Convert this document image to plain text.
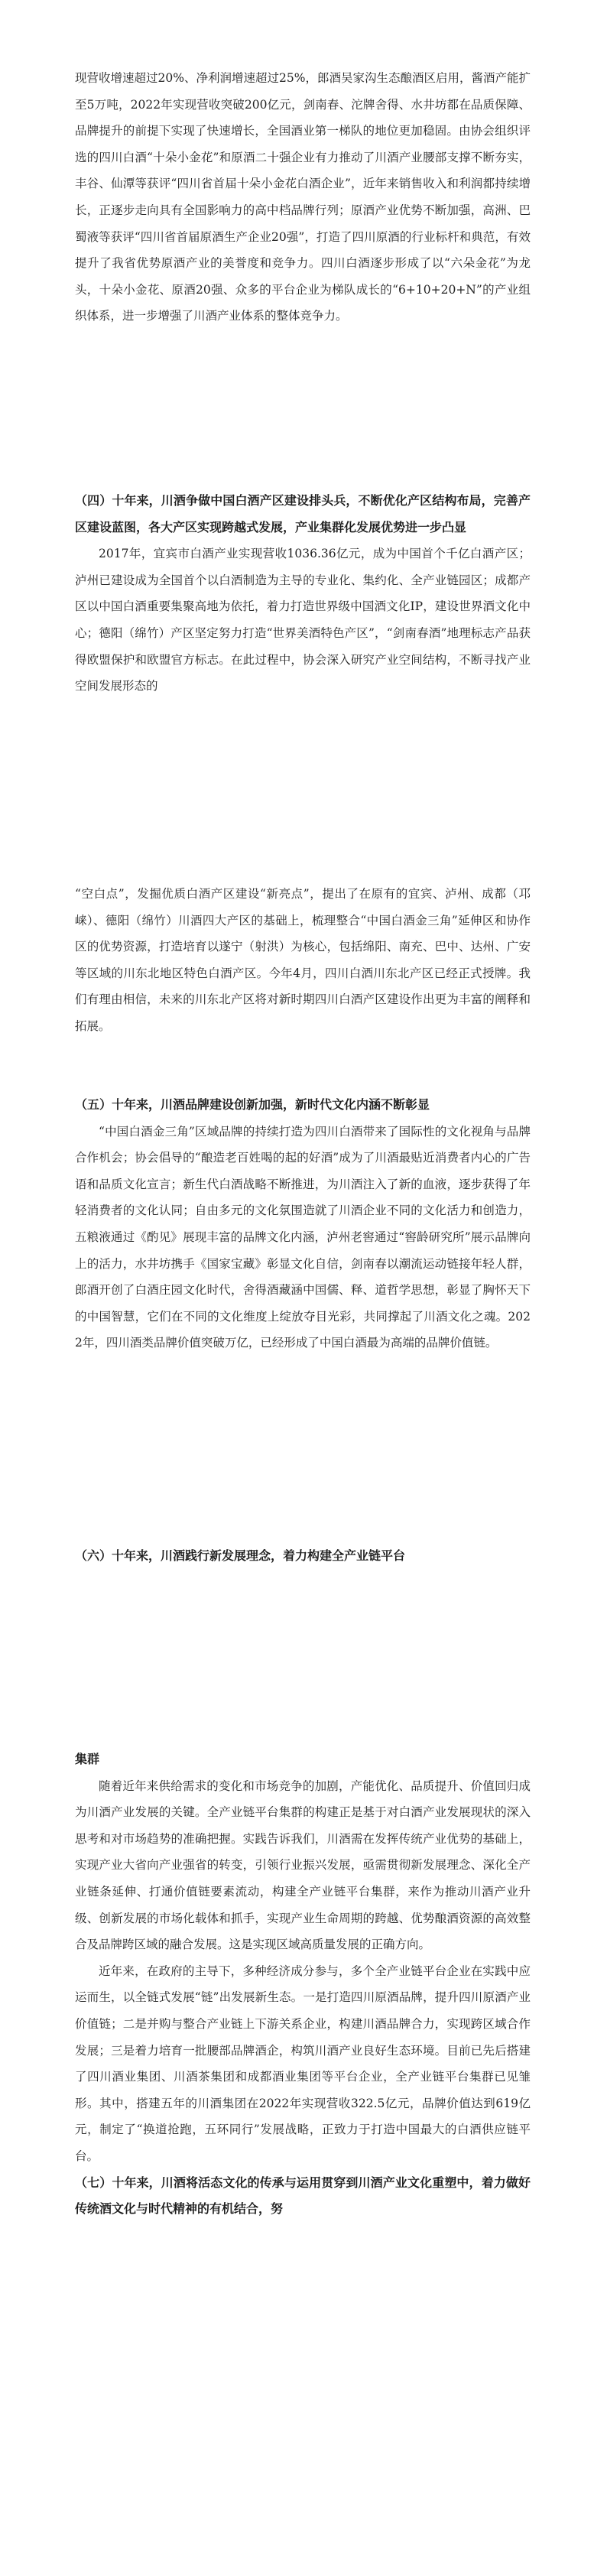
现营收增速超过20%、净利润增速超过25%，郎酒吴家沟生态酿酒区启用，酱酒产能扩至5万吨，2022年实现营收突破200亿元，剑南春、沱牌舍得、水井坊都在品质保障、品牌提升的前提下实现了快速增长，全国酒业第一梯队的地位更加稳固。由协会组织评选的四川白酒“十朵小金花”和原酒二十强企业有力推动了川酒产业腰部支撑不断夯实，丰谷、仙潭等获评“四川省首届十朵小金花白酒企业”，近年来销售收入和利润都持续增长，正逐步走向具有全国影响力的高中档品牌行列；原酒产业优势不断加强，高洲、巴蜀液等获评“四川省首届原酒生产企业20强”，打造了四川原酒的行业标杆和典范，有效提升了我省优势原酒产业的美誉度和竞争力。四川白酒逐步形成了以“六朵金花”为龙头，十朵小金花、原酒20强、众多的平台企业为梯队成长的“6+10+20+N”的产业组织体系，进一步增强了川酒产业体系的整体竞争力。

（四）十年来，川酒争做中国白酒产区建设排头兵，不断优化产区结构布局，完善产区建设蓝图，各大产区实现跨越式发展，产业集群化发展优势进一步凸显

2017年，宜宾市白酒产业实现营收1036.36亿元，成为中国首个千亿白酒产区；泸州已建设成为全国首个以白酒制造为主导的专业化、集约化、全产业链园区；成都产区以中国白酒重要集聚高地为依托，着力打造世界级中国酒文化IP，建设世界酒文化中心；德阳（绵竹）产区坚定努力打造“世界美酒特色产区”，“剑南春酒”地理标志产品获得欧盟保护和欧盟官方标志。在此过程中，协会深入研究产业空间结构，不断寻找产业空间发展形态的

“空白点”，发掘优质白酒产区建设“新亮点”，提出了在原有的宜宾、泸州、成都（邛崃）、德阳（绵竹）川酒四大产区的基础上，梳理整合“中国白酒金三角”延伸区和协作区的优势资源，打造培育以遂宁（射洪）为核心，包括绵阳、南充、巴中、达州、广安等区域的川东北地区特色白酒产区。今年4月，四川白酒川东北产区已经正式授牌。我们有理由相信，未来的川东北产区将对新时期四川白酒产区建设作出更为丰富的阐释和拓展。

（五）十年来，川酒品牌建设创新加强，新时代文化内涵不断彰显

“中国白酒金三角”区域品牌的持续打造为四川白酒带来了国际性的文化视角与品牌合作机会；协会倡导的“酿造老百姓喝的起的好酒”成为了川酒最贴近消费者内心的广告语和品质文化宣言；新生代白酒战略不断推进，为川酒注入了新的血液，逐步获得了年轻消费者的文化认同；自由多元的文化氛围造就了川酒企业不同的文化活力和创造力，五粮液通过《酌见》展现丰富的品牌文化内涵，泸州老窖通过“窖龄研究所”展示品牌向上的活力，水井坊携手《国家宝藏》彰显文化自信，剑南春以潮流运动链接年轻人群，郎酒开创了白酒庄园文化时代，舍得酒藏涵中国儒、释、道哲学思想，彰显了胸怀天下的中国智慧，它们在不同的文化维度上绽放夺目光彩，共同撑起了川酒文化之魂。2022年，四川酒类品牌价值突破万亿，已经形成了中国白酒最为高端的品牌价值链。

（六）十年来，川酒践行新发展理念，着力构建全产业链平台
集群

随着近年来供给需求的变化和市场竞争的加剧，产能优化、品质提升、价值回归成为川酒产业发展的关键。全产业链平台集群的构建正是基于对白酒产业发展现状的深入思考和对市场趋势的准确把握。实践告诉我们，川酒需在发挥传统产业优势的基础上，实现产业大省向产业强省的转变，引领行业振兴发展，亟需贯彻新发展理念、深化全产业链条延伸、打通价值链要素流动，构建全产业链平台集群，来作为推动川酒产业升级、创新发展的市场化载体和抓手，实现产业生命周期的跨越、优势酿酒资源的高效整合及品牌跨区域的融合发展。这是实现区域高质量发展的正确方向。

近年来，在政府的主导下，多种经济成分参与，多个全产业链平台企业在实践中应运而生，以全链式发展“链”出发展新生态。一是打造四川原酒品牌，提升四川原酒产业价值链；二是并购与整合产业链上下游关系企业，构建川酒品牌合力，实现跨区域合作发展；三是着力培育一批腰部品牌酒企，构筑川酒产业良好生态环境。目前已先后搭建了四川酒业集团、川酒茶集团和成都酒业集团等平台企业，全产业链平台集群已见雏形。其中，搭建五年的川酒集团在2022年实现营收322.5亿元，品牌价值达到619亿元，制定了“换道抢跑，五环同行”发展战略，正致力于打造中国最大的白酒供应链平台。

（七）十年来，川酒将活态文化的传承与运用贯穿到川酒产业文化重塑中，着力做好传统酒文化与时代精神的有机结合，努
